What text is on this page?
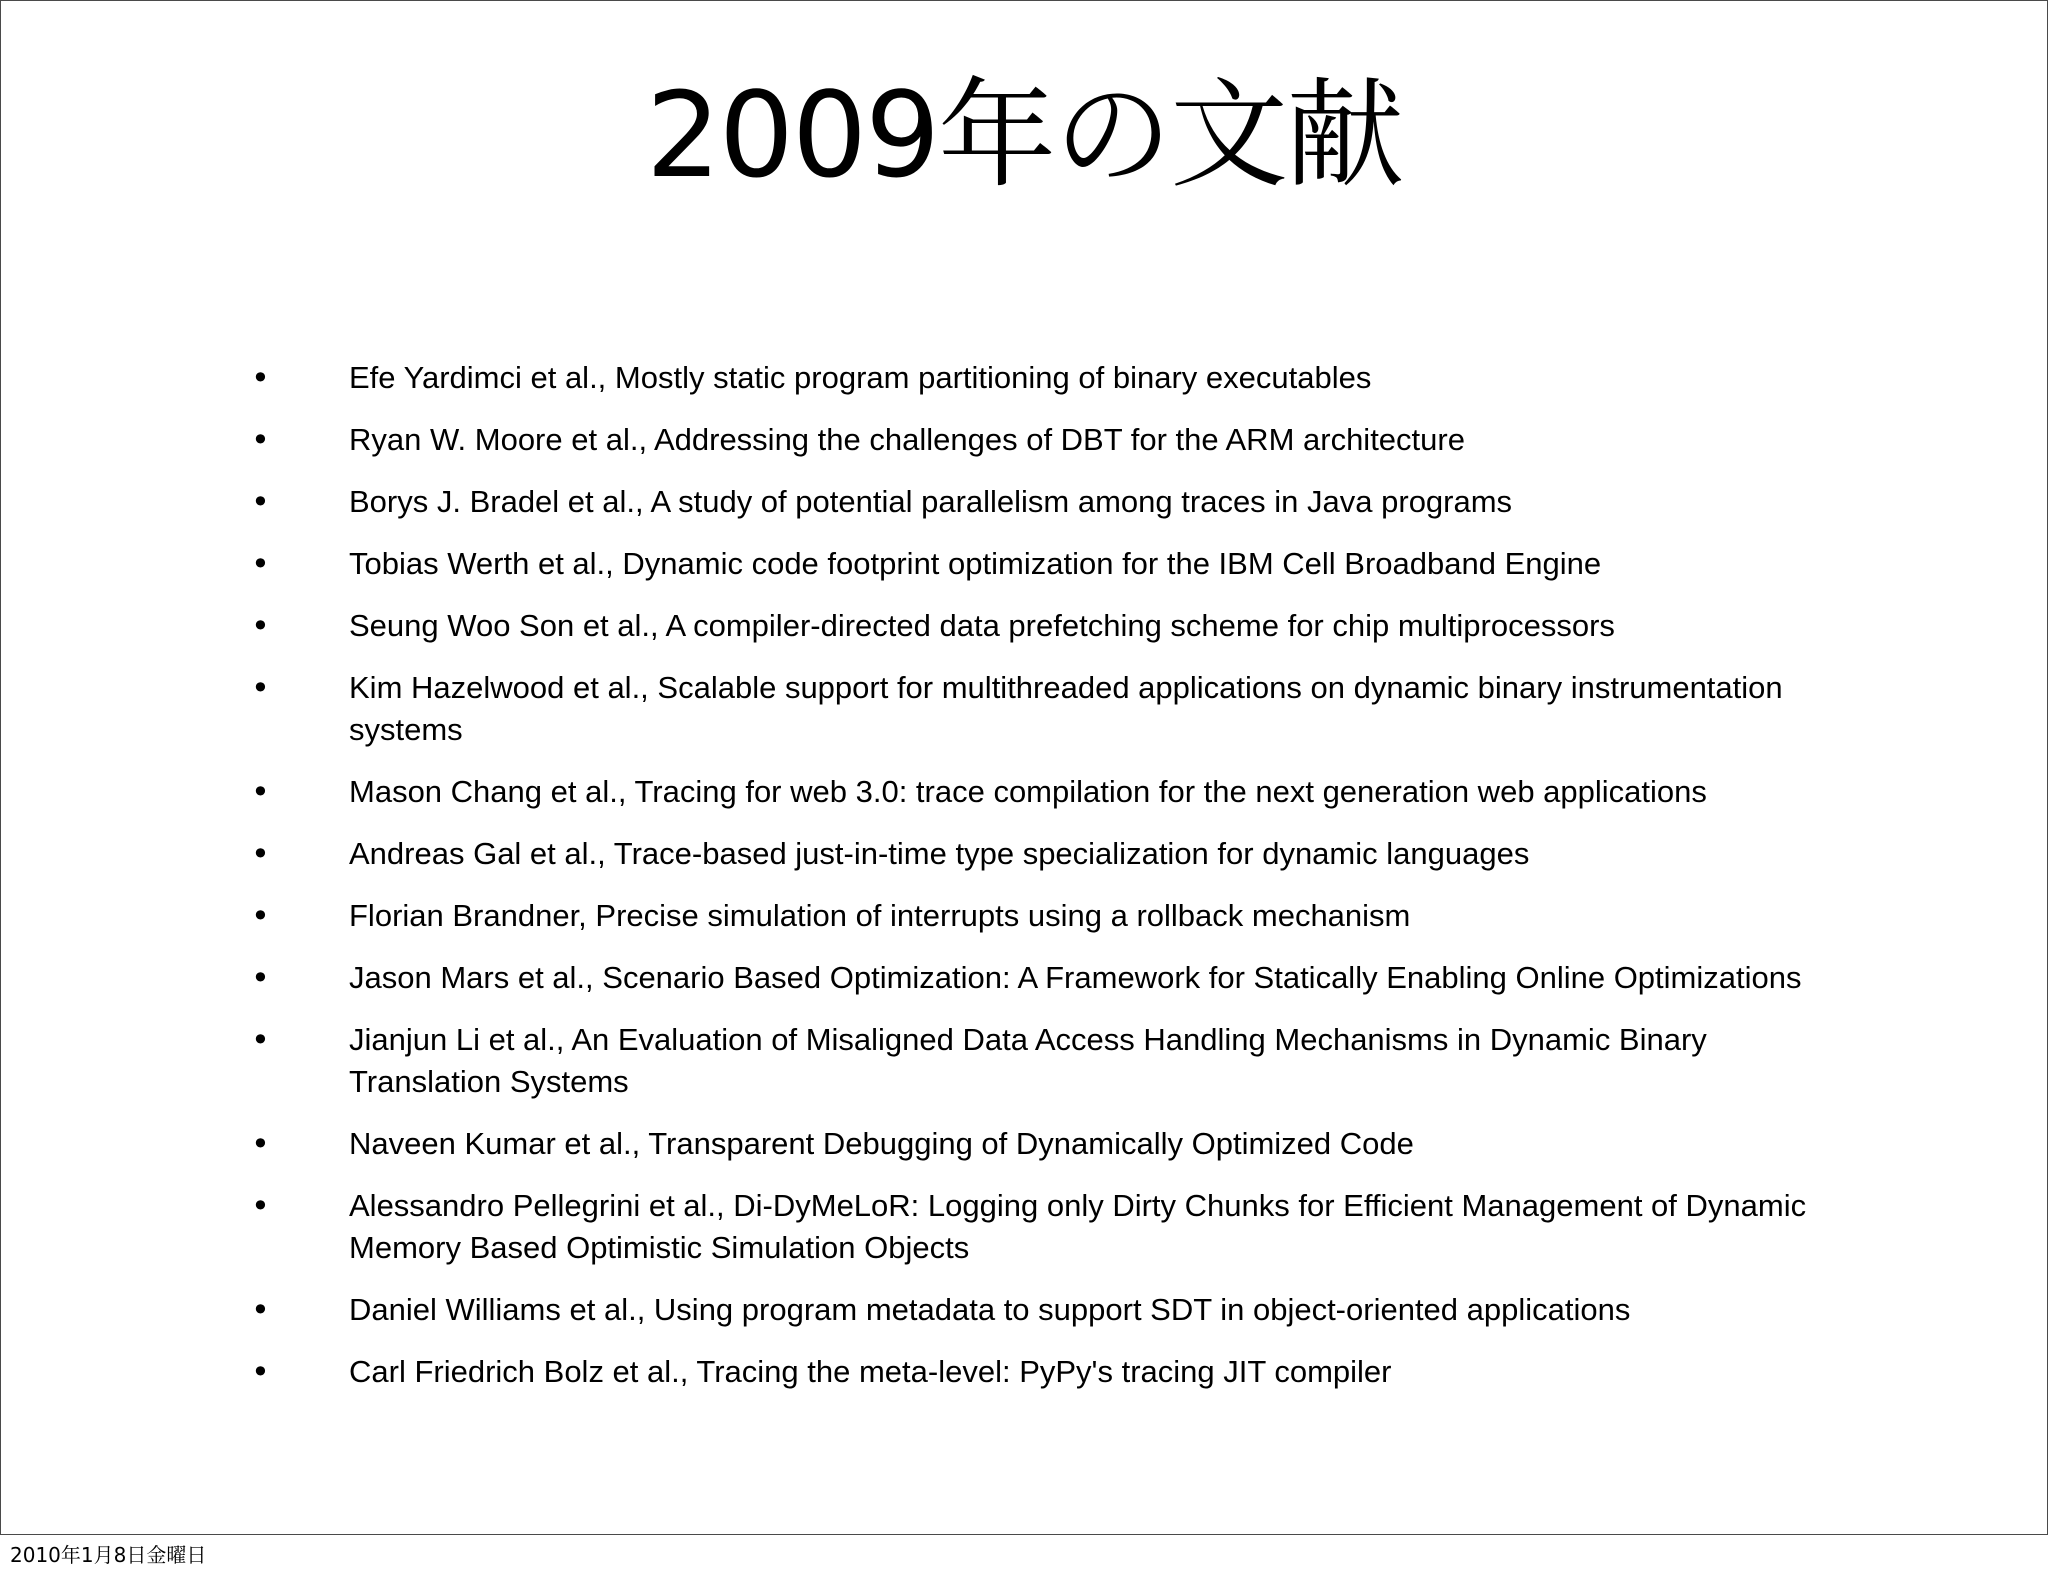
2009年の文献
•	Efe Yardimci et al., Mostly static program partitioning of binary executables
•	Ryan W. Moore et al., Addressing the challenges of DBT for the ARM architecture
•	Borys J. Bradel et al., A study of potential parallelism among traces in Java programs
•	Tobias Werth et al., Dynamic code footprint optimization for the IBM Cell Broadband Engine
•	Seung Woo Son et al., A compiler-directed data prefetching scheme for chip multiprocessors
•	Kim Hazelwood et al., Scalable support for multithreaded applications on dynamic binary instrumentation systems
•	Mason Chang et al., Tracing for web 3.0: trace compilation for the next generation web applications
•	Andreas Gal et al., Trace-based just-in-time type specialization for dynamic languages
•	Florian Brandner, Precise simulation of interrupts using a rollback mechanism
•	Jason Mars et al., Scenario Based Optimization: A Framework for Statically Enabling Online Optimizations
•	Jianjun Li et al., An Evaluation of Misaligned Data Access Handling Mechanisms in Dynamic Binary Translation Systems
•	Naveen Kumar et al., Transparent Debugging of Dynamically Optimized Code
•	Alessandro Pellegrini et al., Di-DyMeLoR: Logging only Dirty Chunks for Efficient Management of Dynamic Memory Based Optimistic Simulation Objects
•	Daniel Williams et al., Using program metadata to support SDT in object-oriented applications
•	Carl Friedrich Bolz et al., Tracing the meta-level: PyPy's tracing JIT compiler
2010年1月8日金曜日
